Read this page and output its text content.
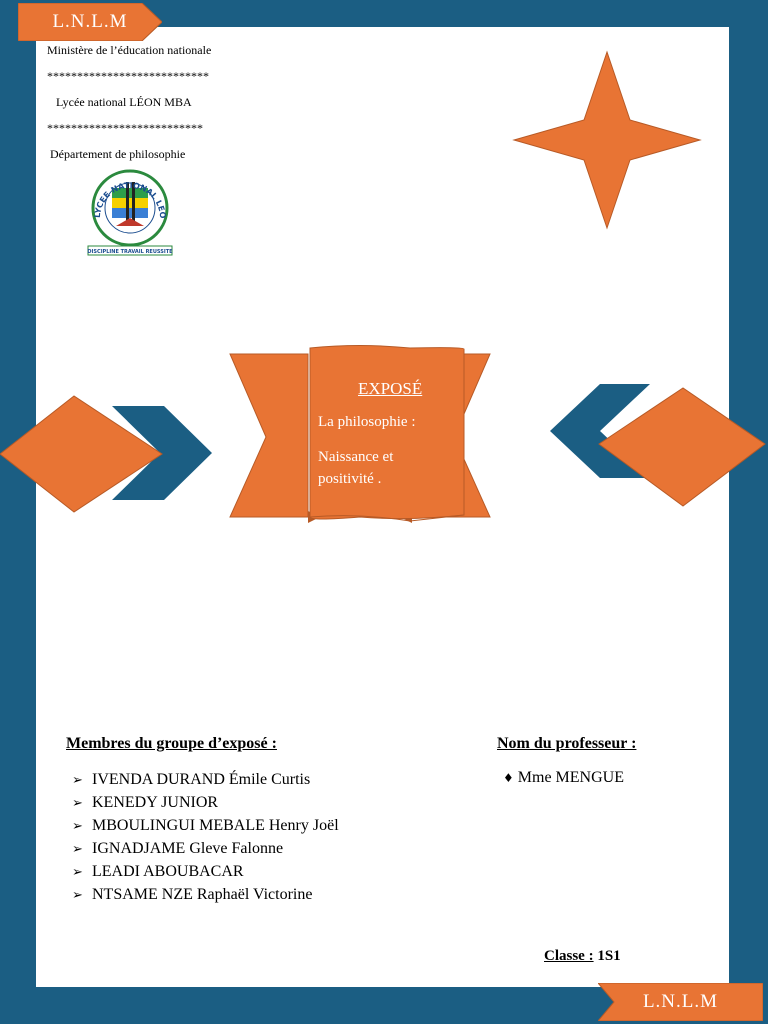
L.N.L.M
Ministère de l’éducation nationale
***************************
Lycée national LÉON MBA
**************************
Département de philosophie
LYCEE NATIONAL LEO
DISCIPLINE TRAVAIL REUSSITE
EXPOSÉ
La philosophie :
Naissance et positivité .
Membres du groupe d’exposé :
➢ IVENDA DURAND Émile Curtis
➢ KENEDY JUNIOR
➢ MBOULINGUI MEBALE Henry Joël
➢ IGNADJAME Gleve Falonne
➢ LEADI ABOUBACAR
➢ NTSAME NZE Raphaël Victorine
Nom du professeur :
♦ Mme MENGUE
Classe : 1S1
L.N.L.M
